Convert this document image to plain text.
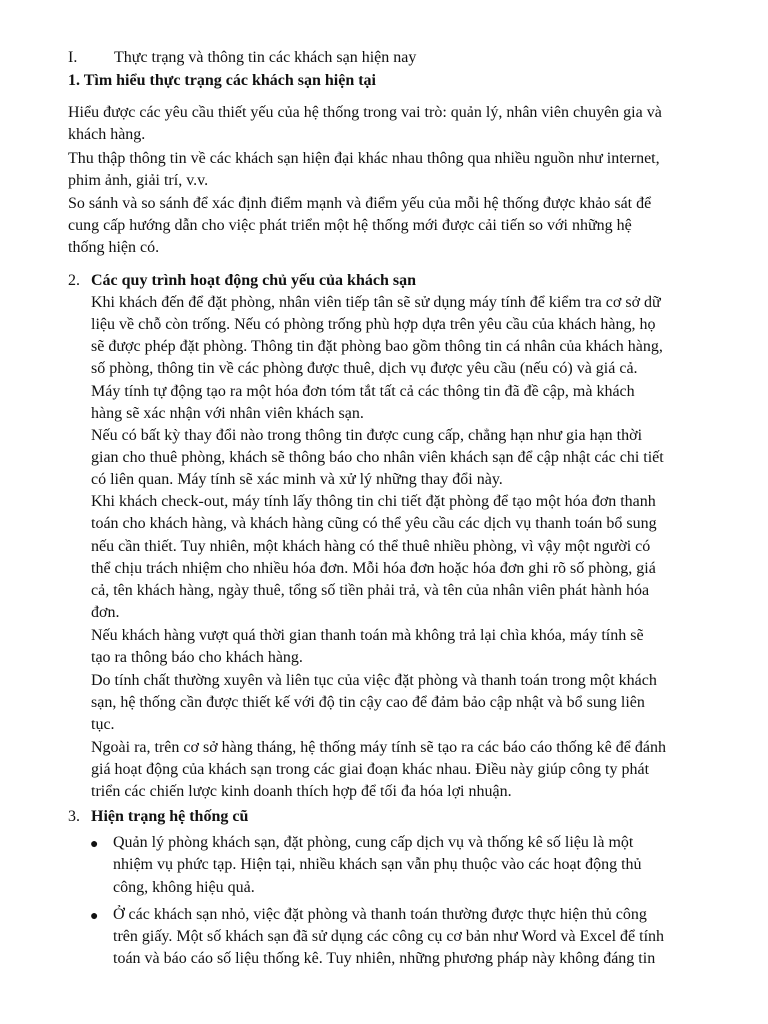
I. Thực trạng và thông tin các khách sạn hiện nay
1. Tìm hiểu thực trạng các khách sạn hiện tại
Hiểu được các yêu cầu thiết yếu của hệ thống trong vai trò: quản lý, nhân viên chuyên gia và
khách hàng.
Thu thập thông tin về các khách sạn hiện đại khác nhau thông qua nhiều nguồn như internet,
phim ảnh, giải trí, v.v.
So sánh và so sánh để xác định điểm mạnh và điểm yếu của mỗi hệ thống được khảo sát để
cung cấp hướng dẫn cho việc phát triển một hệ thống mới được cải tiến so với những hệ
thống hiện có.
2. Các quy trình hoạt động chủ yếu của khách sạn
Khi khách đến để đặt phòng, nhân viên tiếp tân sẽ sử dụng máy tính để kiểm tra cơ sở dữ
liệu về chỗ còn trống. Nếu có phòng trống phù hợp dựa trên yêu cầu của khách hàng, họ
sẽ được phép đặt phòng. Thông tin đặt phòng bao gồm thông tin cá nhân của khách hàng,
số phòng, thông tin về các phòng được thuê, dịch vụ được yêu cầu (nếu có) và giá cả.
Máy tính tự động tạo ra một hóa đơn tóm tắt tất cả các thông tin đã đề cập, mà khách
hàng sẽ xác nhận với nhân viên khách sạn.
Nếu có bất kỳ thay đổi nào trong thông tin được cung cấp, chẳng hạn như gia hạn thời
gian cho thuê phòng, khách sẽ thông báo cho nhân viên khách sạn để cập nhật các chi tiết
có liên quan. Máy tính sẽ xác minh và xử lý những thay đổi này.
Khi khách check-out, máy tính lấy thông tin chi tiết đặt phòng để tạo một hóa đơn thanh
toán cho khách hàng, và khách hàng cũng có thể yêu cầu các dịch vụ thanh toán bổ sung
nếu cần thiết. Tuy nhiên, một khách hàng có thể thuê nhiều phòng, vì vậy một người có
thể chịu trách nhiệm cho nhiều hóa đơn. Mỗi hóa đơn hoặc hóa đơn ghi rõ số phòng, giá
cả, tên khách hàng, ngày thuê, tổng số tiền phải trả, và tên của nhân viên phát hành hóa
đơn.
Nếu khách hàng vượt quá thời gian thanh toán mà không trả lại chìa khóa, máy tính sẽ
tạo ra thông báo cho khách hàng.
Do tính chất thường xuyên và liên tục của việc đặt phòng và thanh toán trong một khách
sạn, hệ thống cần được thiết kế với độ tin cậy cao để đảm bảo cập nhật và bổ sung liên
tục.
Ngoài ra, trên cơ sở hàng tháng, hệ thống máy tính sẽ tạo ra các báo cáo thống kê để đánh
giá hoạt động của khách sạn trong các giai đoạn khác nhau. Điều này giúp công ty phát
triển các chiến lược kinh doanh thích hợp để tối đa hóa lợi nhuận.
3. Hiện trạng hệ thống cũ
● Quản lý phòng khách sạn, đặt phòng, cung cấp dịch vụ và thống kê số liệu là một
nhiệm vụ phức tạp. Hiện tại, nhiều khách sạn vẫn phụ thuộc vào các hoạt động thủ
công, không hiệu quả.
● Ở các khách sạn nhỏ, việc đặt phòng và thanh toán thường được thực hiện thủ công
trên giấy. Một số khách sạn đã sử dụng các công cụ cơ bản như Word và Excel để tính
toán và báo cáo số liệu thống kê. Tuy nhiên, những phương pháp này không đáng tin
